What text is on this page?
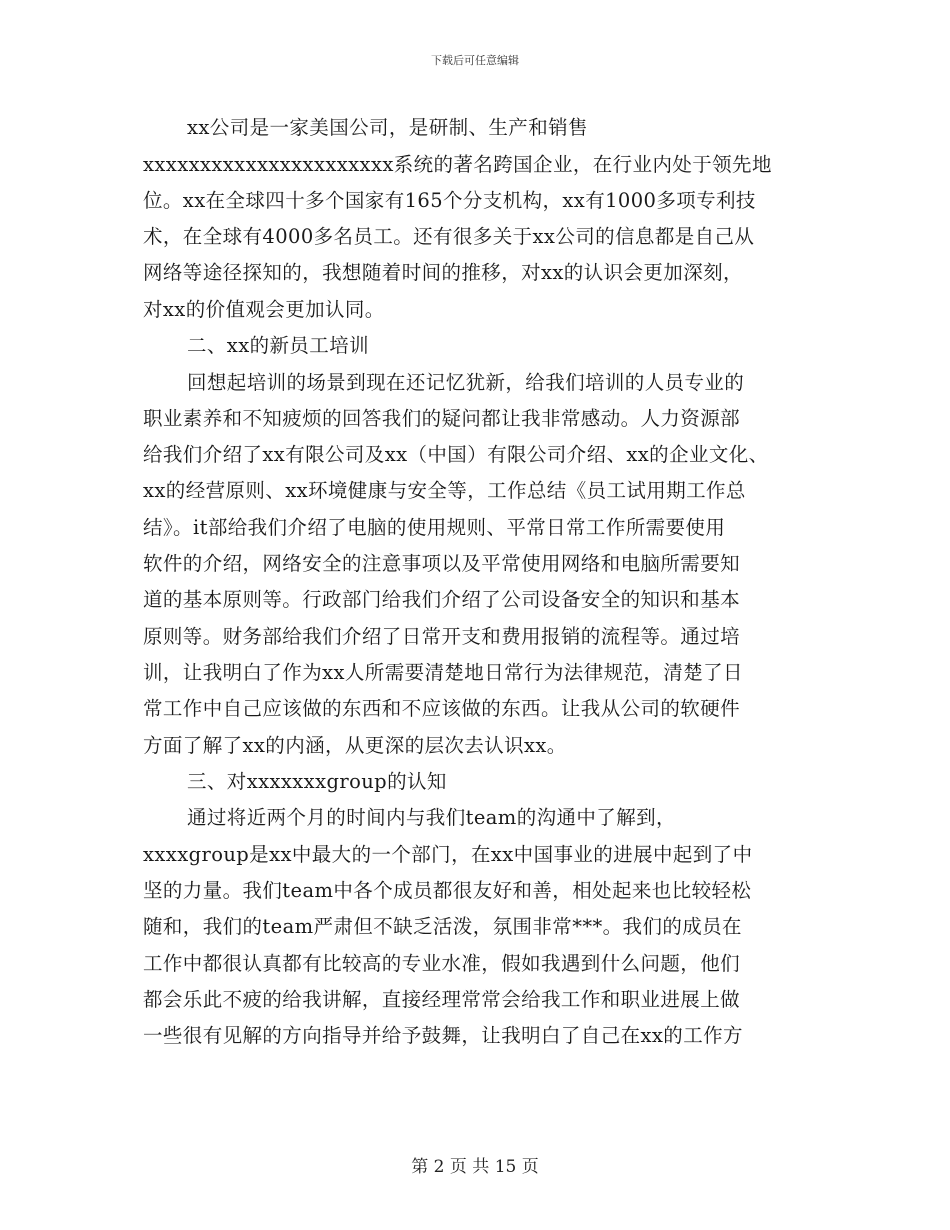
下载后可任意编辑
xx公司是一家美国公司，是研制、生产和销售
xxxxxxxxxxxxxxxxxxxxxx系统的著名跨国企业，在行业内处于领先地
位。xx在全球四十多个国家有165个分支机构，xx有1000多项专利技
术，在全球有4000多名员工。还有很多关于xx公司的信息都是自己从
网络等途径探知的，我想随着时间的推移，对xx的认识会更加深刻，
对xx的价值观会更加认同。
二、xx的新员工培训
回想起培训的场景到现在还记忆犹新，给我们培训的人员专业的
职业素养和不知疲烦的回答我们的疑问都让我非常感动。人力资源部
给我们介绍了xx有限公司及xx（中国）有限公司介绍、xx的企业文化、
xx的经营原则、xx环境健康与安全等，工作总结《员工试用期工作总
结》。it部给我们介绍了电脑的使用规则、平常日常工作所需要使用
软件的介绍，网络安全的注意事项以及平常使用网络和电脑所需要知
道的基本原则等。行政部门给我们介绍了公司设备安全的知识和基本
原则等。财务部给我们介绍了日常开支和费用报销的流程等。通过培
训，让我明白了作为xx人所需要清楚地日常行为法律规范，清楚了日
常工作中自己应该做的东西和不应该做的东西。让我从公司的软硬件
方面了解了xx的内涵，从更深的层次去认识xx。
三、对xxxxxxxgroup的认知
通过将近两个月的时间内与我们team的沟通中了解到，
xxxxgroup是xx中最大的一个部门，在xx中国事业的进展中起到了中
坚的力量。我们team中各个成员都很友好和善，相处起来也比较轻松
随和，我们的team严肃但不缺乏活泼，氛围非常***。我们的成员在
工作中都很认真都有比较高的专业水准，假如我遇到什么问题，他们
都会乐此不疲的给我讲解，直接经理常常会给我工作和职业进展上做
一些很有见解的方向指导并给予鼓舞，让我明白了自己在xx的工作方
第 2 页 共 15 页
